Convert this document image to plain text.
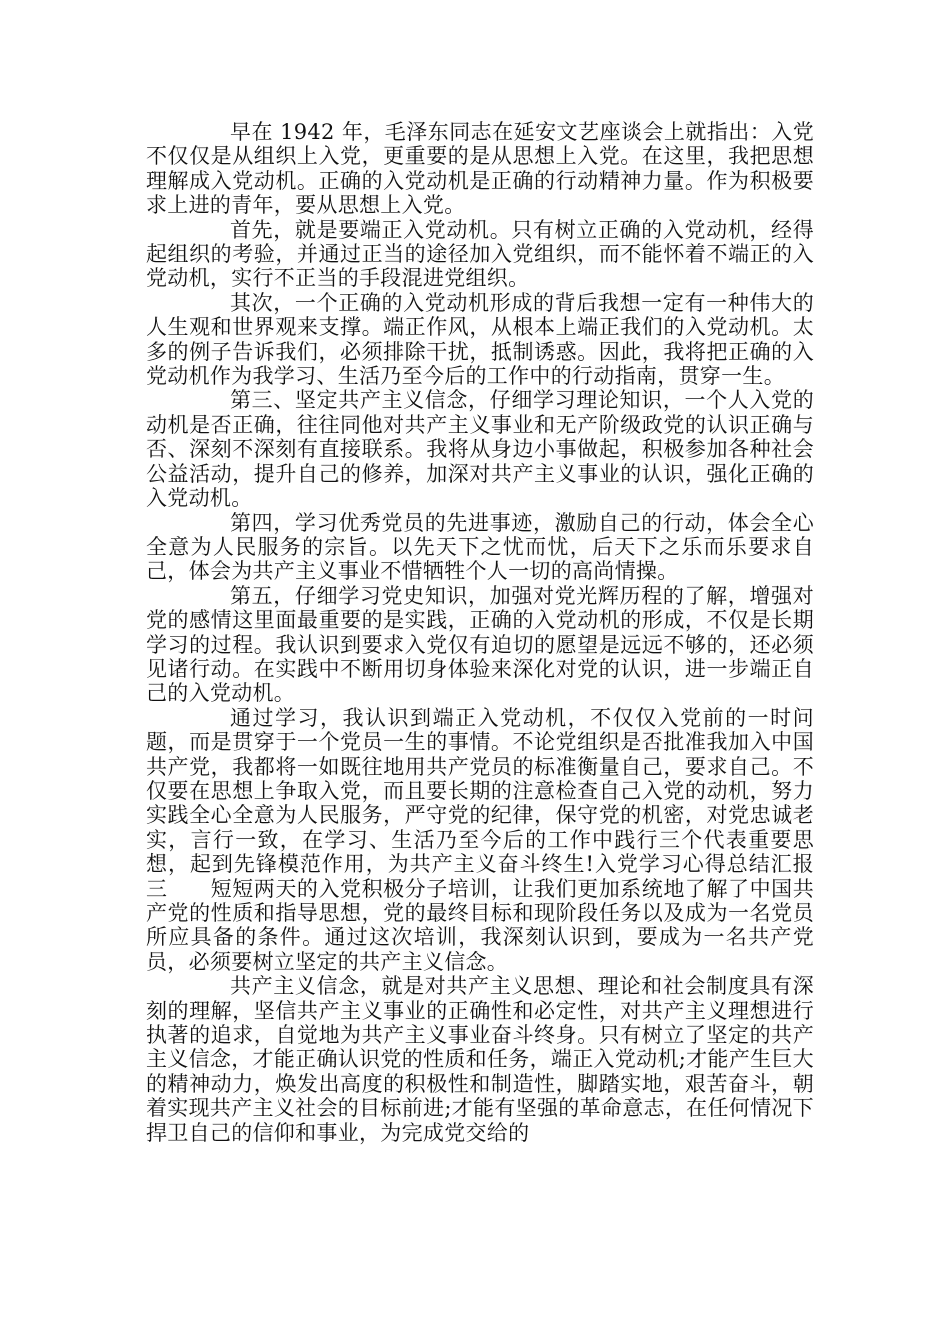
早在 1942 年，毛泽东同志在延安文艺座谈会上就指出：入党不仅仅是从组织上入党，更重要的是从思想上入党。在这里，我把思想理解成入党动机。正确的入党动机是正确的行动精神力量。作为积极要求上进的青年，要从思想上入党。

首先，就是要端正入党动机。只有树立正确的入党动机，经得起组织的考验，并通过正当的途径加入党组织，而不能怀着不端正的入党动机，实行不正当的手段混进党组织。

其次，一个正确的入党动机形成的背后我想一定有一种伟大的人生观和世界观来支撑。端正作风，从根本上端正我们的入党动机。太多的例子告诉我们，必须排除干扰，抵制诱惑。因此，我将把正确的入党动机作为我学习、生活乃至今后的工作中的行动指南，贯穿一生。

第三、坚定共产主义信念，仔细学习理论知识，一个人入党的动机是否正确，往往同他对共产主义事业和无产阶级政党的认识正确与否、深刻不深刻有直接联系。我将从身边小事做起，积极参加各种社会公益活动，提升自己的修养，加深对共产主义事业的认识，强化正确的入党动机。

第四，学习优秀党员的先进事迹，激励自己的行动，体会全心全意为人民服务的宗旨。以先天下之忧而忧，后天下之乐而乐要求自己，体会为共产主义事业不惜牺牲个人一切的高尚情操。

第五，仔细学习党史知识，加强对党光辉历程的了解，增强对党的感情这里面最重要的是实践，正确的入党动机的形成，不仅是长期学习的过程。我认识到要求入党仅有迫切的愿望是远远不够的，还必须见诸行动。在实践中不断用切身体验来深化对党的认识，进一步端正自己的入党动机。

通过学习，我认识到端正入党动机，不仅仅入党前的一时问题，而是贯穿于一个党员一生的事情。不论党组织是否批准我加入中国共产党，我都将一如既往地用共产党员的标准衡量自己，要求自己。不仅要在思想上争取入党，而且要长期的注意检查自己入党的动机，努力实践全心全意为人民服务，严守党的纪律，保守党的机密，对党忠诚老实，言行一致，在学习、生活乃至今后的工作中践行三个代表重要思想，起到先锋模范作用，为共产主义奋斗终生!入党学习心得总结汇报三　　短短两天的入党积极分子培训，让我们更加系统地了解了中国共产党的性质和指导思想，党的最终目标和现阶段任务以及成为一名党员所应具备的条件。通过这次培训，我深刻认识到，要成为一名共产党员，必须要树立坚定的共产主义信念。

共产主义信念，就是对共产主义思想、理论和社会制度具有深刻的理解，坚信共产主义事业的正确性和必定性，对共产主义理想进行执著的追求，自觉地为共产主义事业奋斗终身。只有树立了坚定的共产主义信念，才能正确认识党的性质和任务，端正入党动机;才能产生巨大的精神动力，焕发出高度的积极性和制造性，脚踏实地，艰苦奋斗，朝着实现共产主义社会的目标前进;才能有坚强的革命意志，在任何情况下捍卫自己的信仰和事业，为完成党交给的
